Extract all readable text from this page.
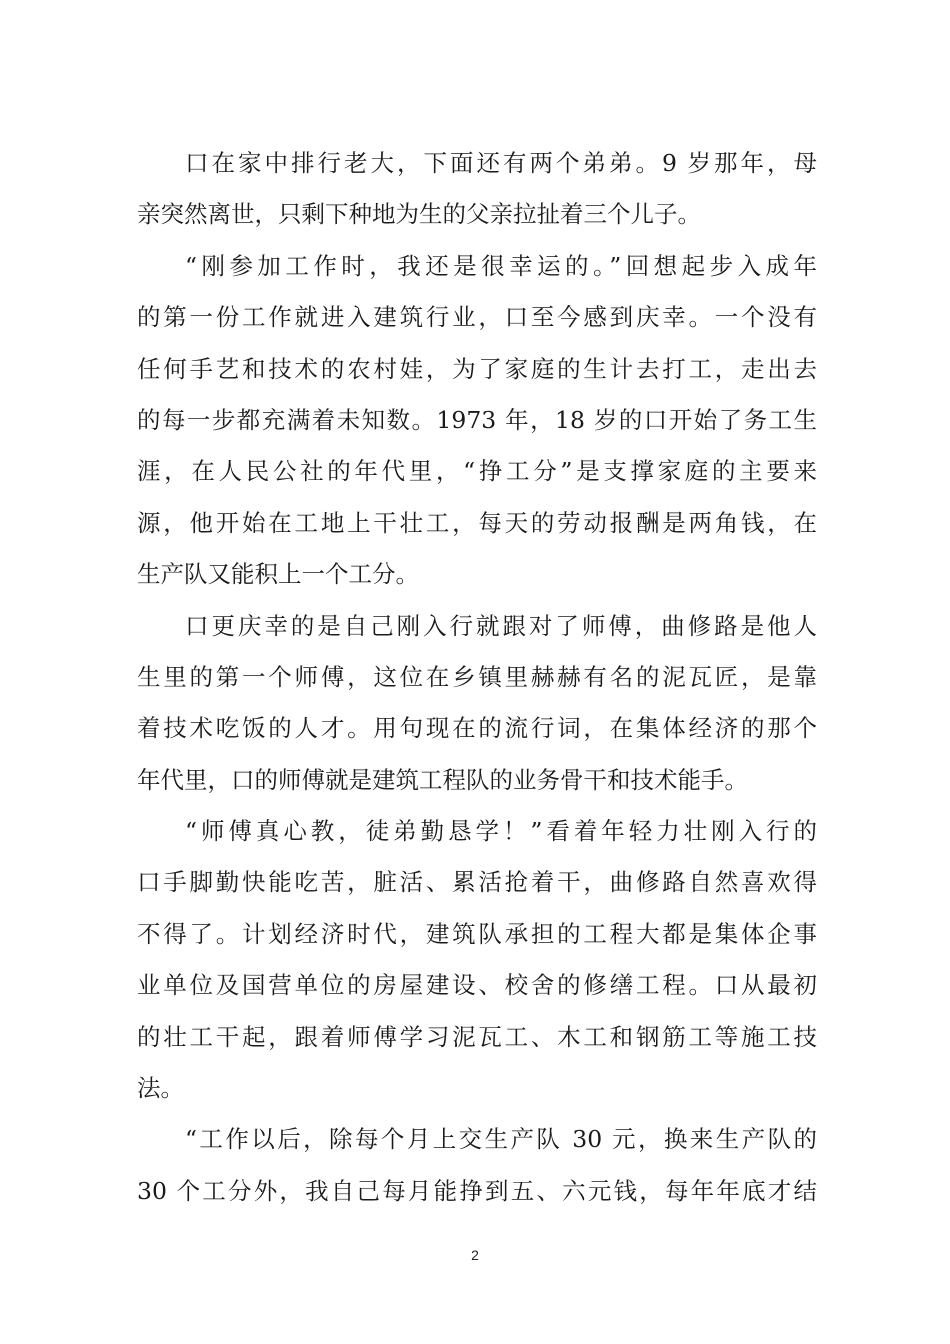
口在家中排行老大，下面还有两个弟弟。9 岁那年，母
亲突然离世，只剩下种地为生的父亲拉扯着三个儿子。
“刚参加工作时，我还是很幸运的。”回想起步入成年
的第一份工作就进入建筑行业，口至今感到庆幸。一个没有
任何手艺和技术的农村娃，为了家庭的生计去打工，走出去
的每一步都充满着未知数。1973 年，18 岁的口开始了务工生
涯，在人民公社的年代里，“挣工分”是支撑家庭的主要来
源，他开始在工地上干壮工，每天的劳动报酬是两角钱，在
生产队又能积上一个工分。
口更庆幸的是自己刚入行就跟对了师傅，曲修路是他人
生里的第一个师傅，这位在乡镇里赫赫有名的泥瓦匠，是靠
着技术吃饭的人才。用句现在的流行词，在集体经济的那个
年代里，口的师傅就是建筑工程队的业务骨干和技术能手。
“师傅真心教，徒弟勤恳学！”看着年轻力壮刚入行的
口手脚勤快能吃苦，脏活、累活抢着干，曲修路自然喜欢得
不得了。计划经济时代，建筑队承担的工程大都是集体企事
业单位及国营单位的房屋建设、校舍的修缮工程。口从最初
的壮工干起，跟着师傅学习泥瓦工、木工和钢筋工等施工技
法。
“工作以后，除每个月上交生产队 30 元，换来生产队的
30 个工分外，我自己每月能挣到五、六元钱，每年年底才结
2
